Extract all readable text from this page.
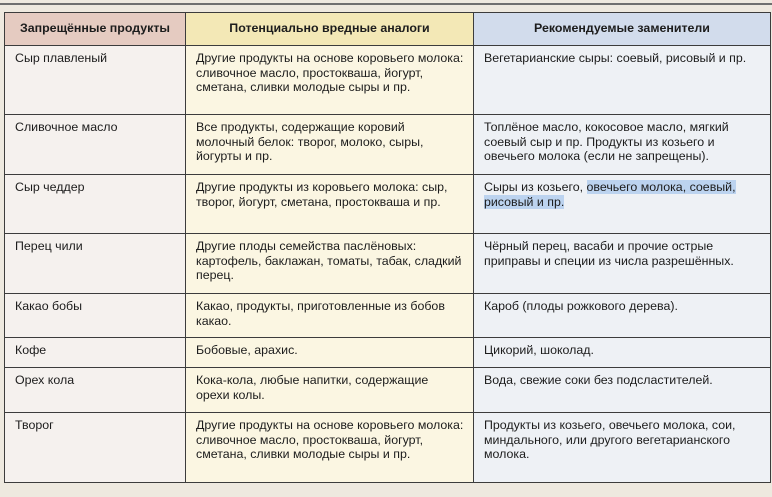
Запрещённые продукты	Потенциально вредные аналоги	Рекомендуемые заменители
Сыр плавленый	Другие продукты на основе коровьего молока: сливочное масло, простокваша, йогурт, сметана, сливки молодые сыры и пр.	Вегетарианские сыры: соевый, рисовый и пр.
Сливочное масло	Все продукты, содержащие коровий молочный белок: творог, молоко, сыры, йогурты и пр.	Топлёное масло, кокосовое масло, мягкий соевый сыр и пр. Продукты из козьего и овечьего молока (если не запрещены).
Сыр чеддер	Другие продукты из коровьего молока: сыр, творог, йогурт, сметана, простокваша и пр.	Сыры из козьего, овечьего молока, соевый, рисовый и пр.
Перец чили	Другие плоды семейства паслёновых: картофель, баклажан, томаты, табак, сладкий перец.	Чёрный перец, васаби и прочие острые приправы и специи из числа разрешённых.
Какао бобы	Какао, продукты, приготовленные из бобов какао.	Кароб (плоды рожкового дерева).
Кофе	Бобовые, арахис.	Цикорий, шоколад.
Орех кола	Кока-кола, любые напитки, содержащие орехи колы.	Вода, свежие соки без подсластителей.
Творог	Другие продукты на основе коровьего молока: сливочное масло, простокваша, йогурт, сметана, сливки молодые сыры и пр.	Продукты из козьего, овечьего молока, сои, миндального, или другого вегетарианского молока.
